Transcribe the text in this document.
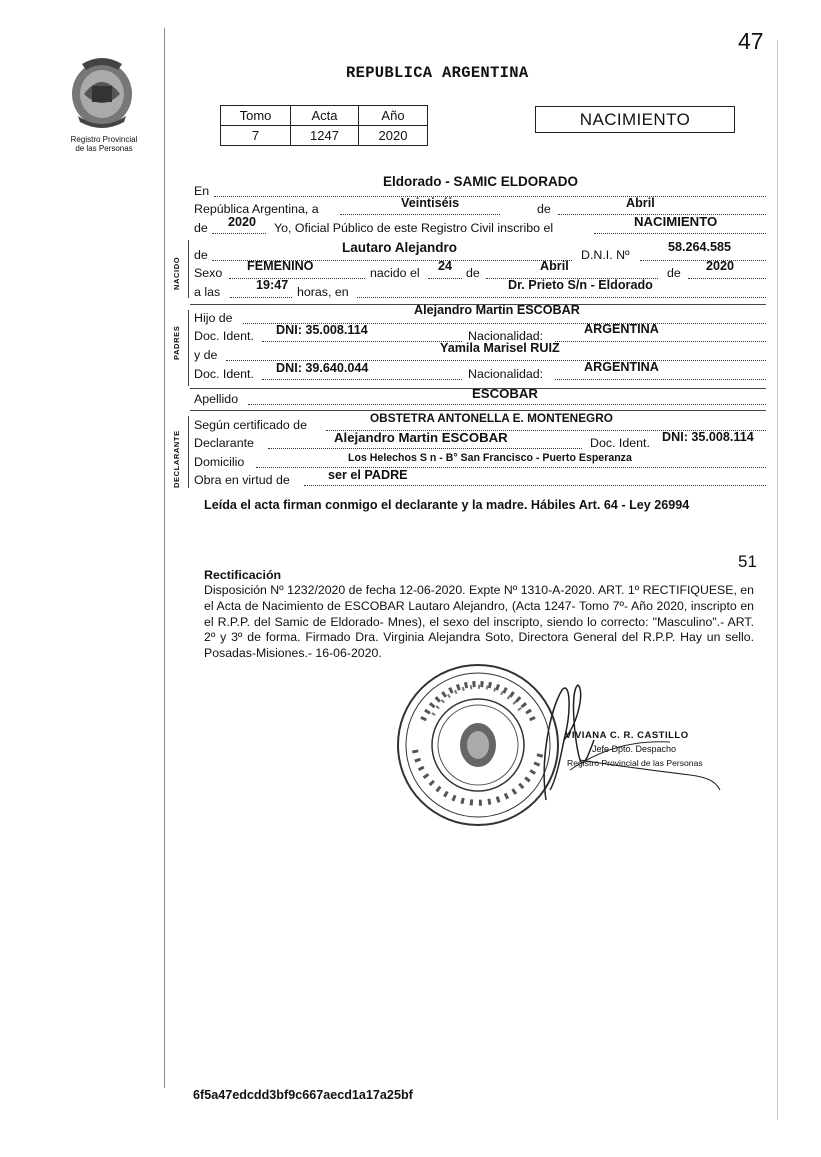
47
Registro Provincial
de las Personas
REPUBLICA ARGENTINA
Tomo	Acta	Año
7	1247	2020
NACIMIENTO
En
Eldorado - SAMIC ELDORADO
República Argentina, a	Veintiséis	de	Abril
de 2020 Yo, Oficial Público de este Registro Civil inscribo el	NACIMIENTO
NACIDO
de	Lautaro Alejandro	D.N.I. Nº
58.264.585
Sexo FEMENINO	nacido el 24 de	Abril	de 2020
a las	19:47 horas, en	Dr. Prieto S/n - Eldorado
PADRES
Hijo de
Alejandro Martin ESCOBAR
Doc. Ident. DNI: 35.008.114	Nacionalidad:	ARGENTINA
y de	Yamila Marisel RUIZ
Doc. Ident. DNI: 39.640.044	Nacionalidad:	ARGENTINA
Apellido	ESCOBAR
DECLARANTE
Según certificado de	OBSTETRA ANTONELLA E. MONTENEGRO
Declarante	Alejandro Martin ESCOBAR	Doc. Ident. DNI: 35.008.114
Domicilio	Los Helechos S n - B° San Francisco - Puerto Esperanza
Obra en virtud de	ser el PADRE
Leída el acta firman conmigo el declarante y la madre. Hábiles Art. 64 - Ley 26994
51
Rectificación
Disposición Nº 1232/2020 de fecha 12-06-2020. Expte Nº 1310-A-2020. ART. 1º RECTIFIQUESE, en el Acta de Nacimiento de ESCOBAR Lautaro Alejandro, (Acta 1247- Tomo 7º- Año 2020, inscripto en el R.P.P. del Samic de Eldorado- Mnes), el sexo del inscripto, siendo lo correcto: "Masculino".- ART. 2º y 3º de forma. Firmado Dra. Virginia Alejandra Soto, Directora General del R.P.P. Hay un sello. Posadas-Misiones.- 16-06-2020.
VIVIANA C. R. CASTILLO
Jefe Dpto. Despacho
Registro Provincial de las Personas
6f5a47edcdd3bf9c667aecd1a17a25bf
